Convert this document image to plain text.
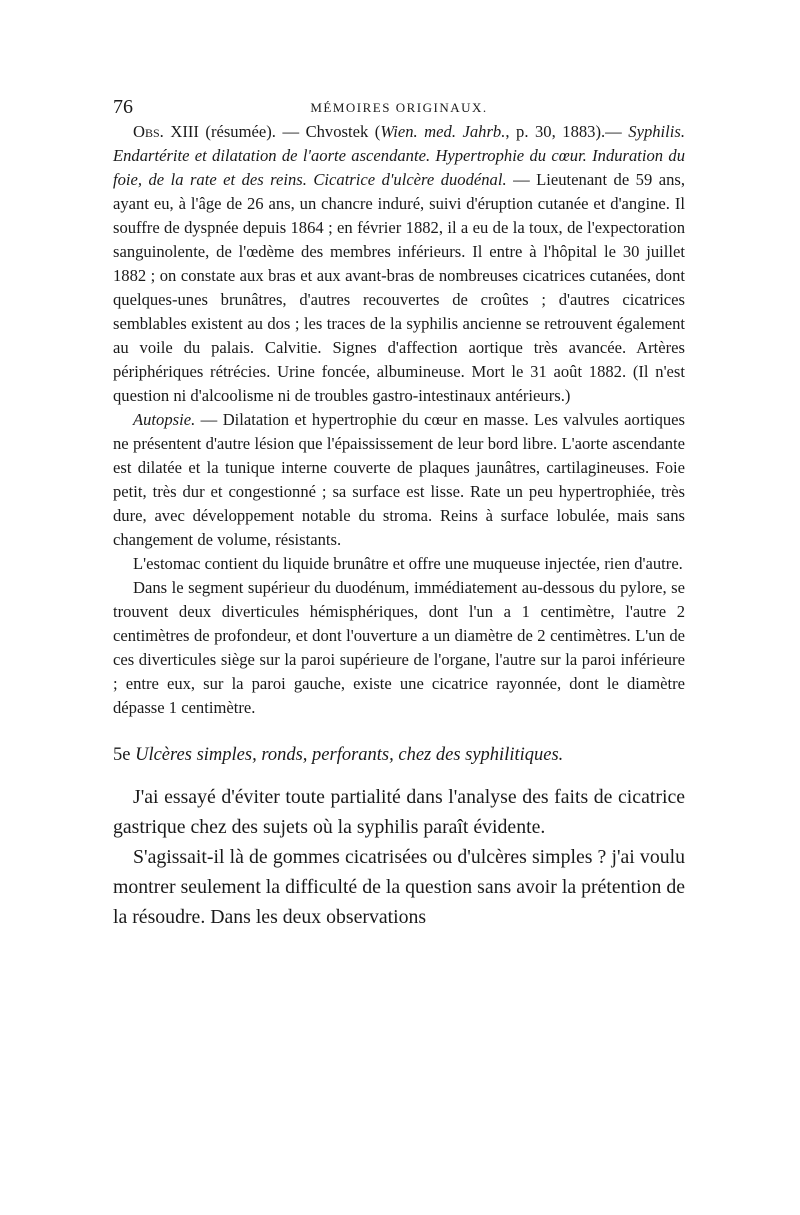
76	MÉMOIRES ORIGINAUX.

Obs. XIII (résumée). — Chvostek (Wien. med. Jahrb., p. 30, 1883).— Syphilis. Endartérite et dilatation de l'aorte ascendante. Hypertrophie du cœur. Induration du foie, de la rate et des reins. Cicatrice d'ulcère duodénal. — Lieutenant de 59 ans, ayant eu, à l'âge de 26 ans, un chancre induré, suivi d'éruption cutanée et d'angine. Il souffre de dyspnée depuis 1864 ; en février 1882, il a eu de la toux, de l'expectoration sanguinolente, de l'œdème des membres inférieurs. Il entre à l'hôpital le 30 juillet 1882 ; on constate aux bras et aux avant-bras de nombreuses cicatrices cutanées, dont quelques-unes brunâtres, d'autres recouvertes de croûtes ; d'autres cicatrices semblables existent au dos ; les traces de la syphilis ancienne se retrouvent également au voile du palais. Calvitie. Signes d'affection aortique très avancée. Artères périphériques rétrécies. Urine foncée, albumineuse. Mort le 31 août 1882. (Il n'est question ni d'alcoolisme ni de troubles gastro-intestinaux antérieurs.)

Autopsie. — Dilatation et hypertrophie du cœur en masse. Les valvules aortiques ne présentent d'autre lésion que l'épaississement de leur bord libre. L'aorte ascendante est dilatée et la tunique interne couverte de plaques jaunâtres, cartilagineuses. Foie petit, très dur et congestionné ; sa surface est lisse. Rate un peu hypertrophiée, très dure, avec développement notable du stroma. Reins à surface lobulée, mais sans changement de volume, résistants.

L'estomac contient du liquide brunâtre et offre une muqueuse injectée, rien d'autre.

Dans le segment supérieur du duodénum, immédiatement au-dessous du pylore, se trouvent deux diverticules hémisphériques, dont l'un a 1 centimètre, l'autre 2 centimètres de profondeur, et dont l'ouverture a un diamètre de 2 centimètres. L'un de ces diverticules siège sur la paroi supérieure de l'organe, l'autre sur la paroi inférieure ; entre eux, sur la paroi gauche, existe une cicatrice rayonnée, dont le diamètre dépasse 1 centimètre.

5e Ulcères simples, ronds, perforants, chez des syphilitiques.

J'ai essayé d'éviter toute partialité dans l'analyse des faits de cicatrice gastrique chez des sujets où la syphilis paraît évidente.

S'agissait-il là de gommes cicatrisées ou d'ulcères simples ? j'ai voulu montrer seulement la difficulté de la question sans avoir la prétention de la résoudre. Dans les deux observations
